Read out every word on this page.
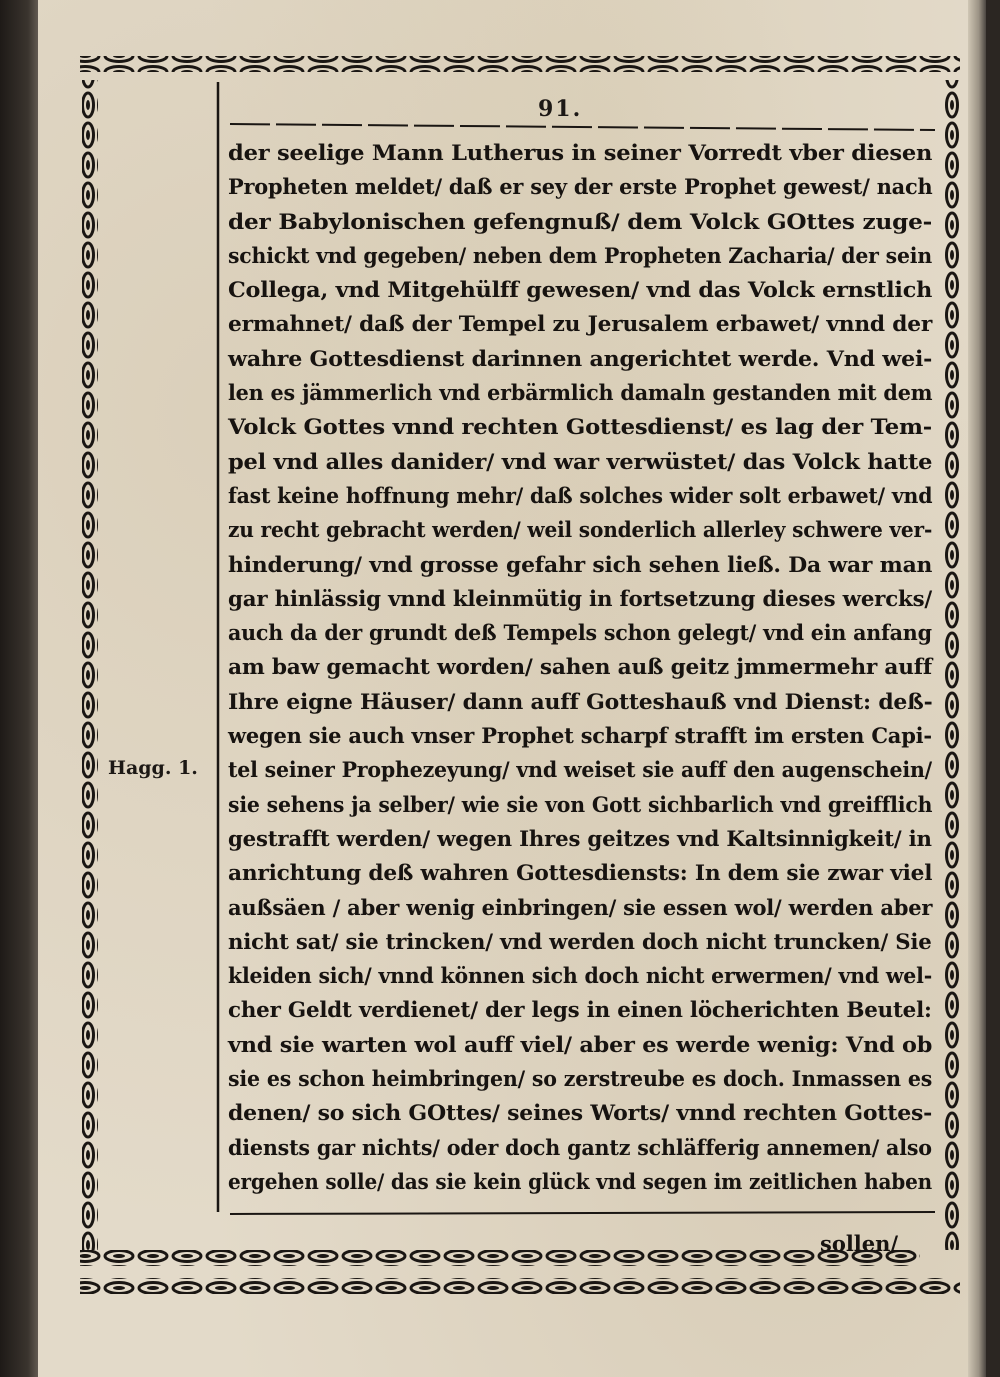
91.
Hagg. 1.
der seelige Mann Lutherus in seiner Vorredt vber diesen
Propheten meldet/ daß er sey der erste Prophet gewest/ nach
der Babylonischen gefengnuß/ dem Volck GOttes zuge-
schickt vnd gegeben/ neben dem Propheten Zacharia/ der sein
Collega, vnd Mitgehülff gewesen/ vnd das Volck ernstlich
ermahnet/ daß der Tempel zu Jerusalem erbawet/ vnnd der
wahre Gottesdienst darinnen angerichtet werde. Vnd wei-
len es jämmerlich vnd erbärmlich damaln gestanden mit dem
Volck Gottes vnnd rechten Gottesdienst/ es lag der Tem-
pel vnd alles danider/ vnd war verwüstet/ das Volck hatte
fast keine hoffnung mehr/ daß solches wider solt erbawet/ vnd
zu recht gebracht werden/ weil sonderlich allerley schwere ver-
hinderung/ vnd grosse gefahr sich sehen ließ. Da war man
gar hinlässig vnnd kleinmütig in fortsetzung dieses wercks/
auch da der grundt deß Tempels schon gelegt/ vnd ein anfang
am baw gemacht worden/ sahen auß geitz jmmermehr auff
Ihre eigne Häuser/ dann auff Gotteshauß vnd Dienst: deß-
wegen sie auch vnser Prophet scharpf strafft im ersten Capi-
tel seiner Prophezeyung/ vnd weiset sie auff den augenschein/
sie sehens ja selber/ wie sie von Gott sichbarlich vnd greifflich
gestrafft werden/ wegen Ihres geitzes vnd Kaltsinnigkeit/ in
anrichtung deß wahren Gottesdiensts: In dem sie zwar viel
außsäen / aber wenig einbringen/ sie essen wol/ werden aber
nicht sat/ sie trincken/ vnd werden doch nicht truncken/ Sie
kleiden sich/ vnnd können sich doch nicht erwermen/ vnd wel-
cher Geldt verdienet/ der legs in einen löcherichten Beutel:
vnd sie warten wol auff viel/ aber es werde wenig: Vnd ob
sie es schon heimbringen/ so zerstreube es doch. Inmassen es
denen/ so sich GOttes/ seines Worts/ vnnd rechten Gottes-
diensts gar nichts/ oder doch gantz schläfferig annemen/ also
ergehen solle/ das sie kein glück vnd segen im zeitlichen haben
sollen/
